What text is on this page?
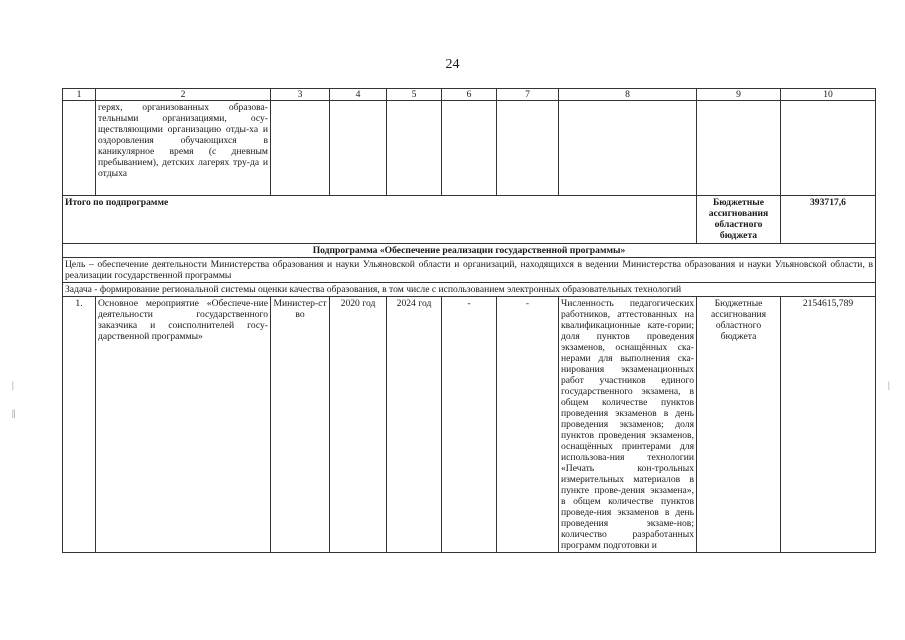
24
1	2	3	4	5	6	7	8	9	10
	герях, организованных образова-тельными организациями, осу-ществляющими организацию отды-ха и оздоровления обучающихся в каникулярное время (с дневным пребыванием), детских лагерях тру-да и отдыха								
Итого по подпрограмме								Бюджетные ассигнования областного бюджета	393717,6
Подпрограмма «Обеспечение реализации государственной программы»									
Цель – обеспечение деятельности Министерства образования и науки Ульяновской области и организаций, находящихся в ведении Министерства образования и науки Ульяновской области, в реализации государственной программы									
Задача - формирование региональной системы оценки качества образования, в том числе с использованием электронных образовательных технологий									
1.	Основное мероприятие «Обеспече-ние деятельности государственного заказчика и соисполнителей госу-дарственной программы»	Министер-ство	2020 год	2024 год	-	-	Численность педагогических работников, аттестованных на квалификационные кате-гории; доля пунктов проведения экзаменов, оснащённых ска-нерами для выполнения ска-нирования экзаменационных работ участников единого государственного экзамена, в общем количестве пунктов проведения экзаменов в день проведения экзаменов; доля пунктов проведения экзаменов, оснащённых принтерами для использова-ния технологии «Печать кон-трольных измерительных материалов в пункте прове-дения экзамена», в общем количестве пунктов проведе-ния экзаменов в день проведения экзаме-нов; количество разработанных программ подготовки и	Бюджетные ассигнования областного бюджета	2154615,789
|
||
|
